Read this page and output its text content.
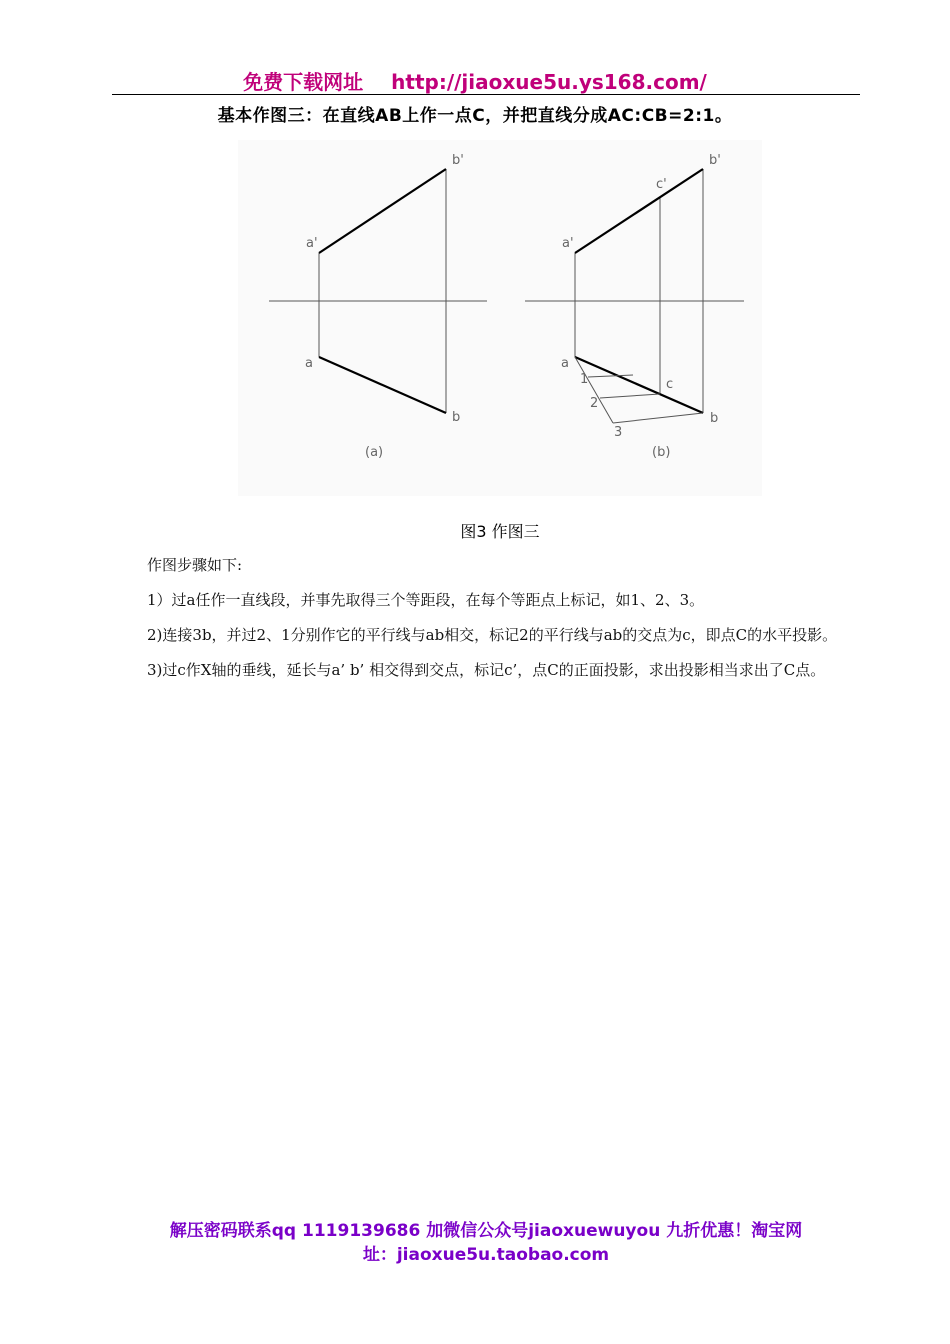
免费下载网址 http://jiaoxue5u.ys168.com/
基本作图三：在直线AB上作一点C，并把直线分成AC:CB=2:1。
a'
b'
a
b
(a)
a'
b'
c'
a
b
c
1
2
3
(b)
图3 作图三

作图步骤如下:

1）过a任作一直线段，并事先取得三个等距段，在每个等距点上标记，如1、2、3。

2)连接3b，并过2、1分别作它的平行线与ab相交，标记2的平行线与ab的交点为c，即点C的水平投影。

3)过c作X轴的垂线，延长与a’ b’ 相交得到交点，标记c’，点C的正面投影，求出投影相当求出了C点。

解压密码联系qq 1119139686 加微信公众号jiaoxuewuyou 九折优惠！淘宝网
址：jiaoxue5u.taobao.com
